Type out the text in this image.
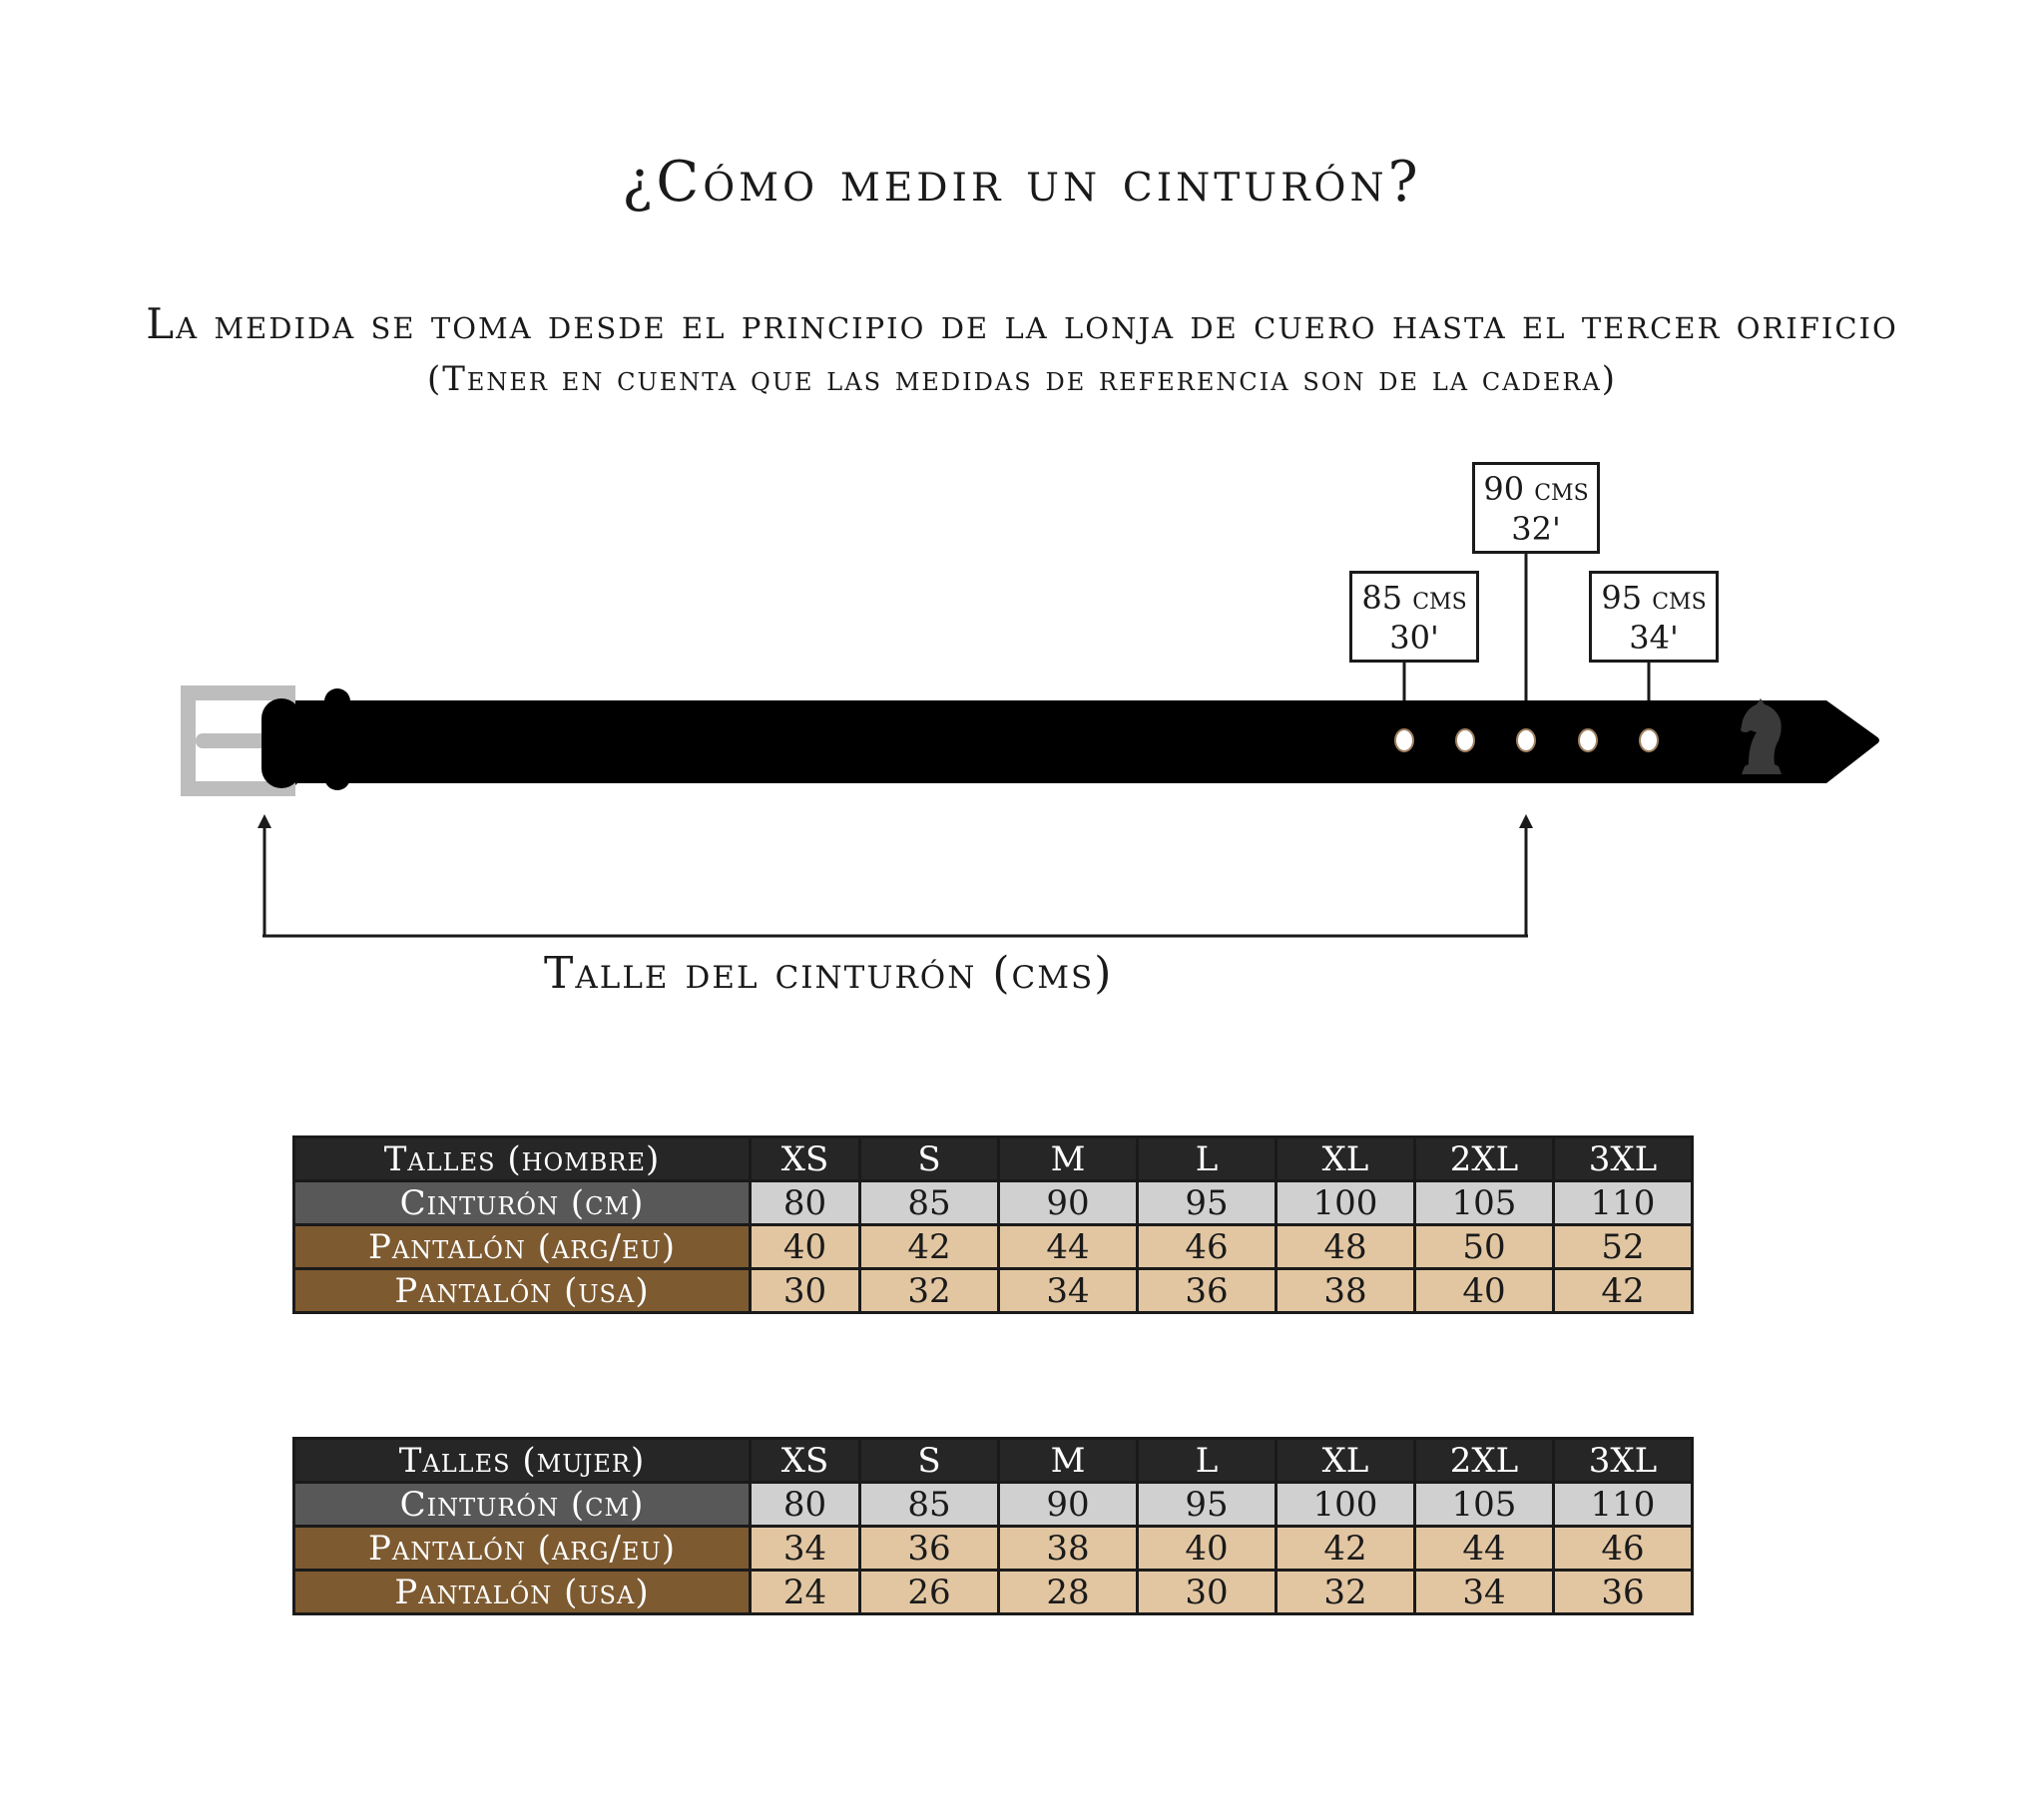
¿Cómo medir un cinturón?
La medida se toma desde el principio de la lonja de cuero hasta el tercer orificio
(Tener en cuenta que las medidas de referencia son de la cadera)
85 cms
30'
90 cms
32'
95 cms
34'
Talle del cinturón (cms)
Talles (hombre)	XS	S	M	L	XL	2XL	3XL
Cinturón (cm)	80	85	90	95	100	105	110
Pantalón (arg/eu)	40	42	44	46	48	50	52
Pantalón (usa)	30	32	34	36	38	40	42
Talles (mujer)	XS	S	M	L	XL	2XL	3XL
Cinturón (cm)	80	85	90	95	100	105	110
Pantalón (arg/eu)	34	36	38	40	42	44	46
Pantalón (usa)	24	26	28	30	32	34	36
